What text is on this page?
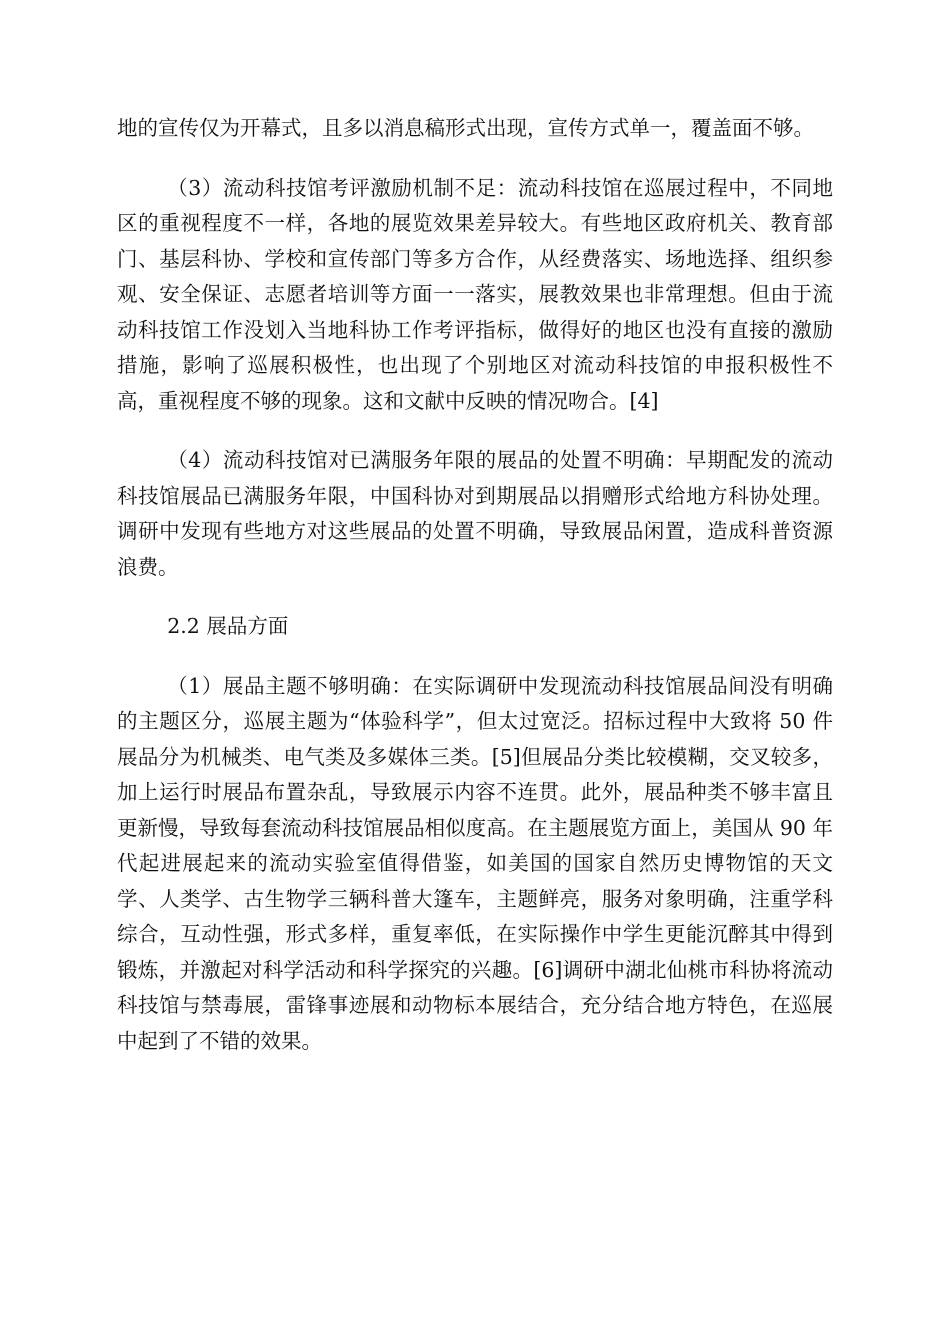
地的宣传仅为开幕式，且多以消息稿形式出现，宣传方式单一，覆盖面不够。

（3）流动科技馆考评激励机制不足：流动科技馆在巡展过程中，不同地区的重视程度不一样，各地的展览效果差异较大。有些地区政府机关、教育部门、基层科协、学校和宣传部门等多方合作，从经费落实、场地选择、组织参观、安全保证、志愿者培训等方面一一落实，展教效果也非常理想。但由于流动科技馆工作没划入当地科协工作考评指标，做得好的地区也没有直接的激励措施，影响了巡展积极性，也出现了个别地区对流动科技馆的申报积极性不高，重视程度不够的现象。这和文献中反映的情况吻合。[4]

（4）流动科技馆对已满服务年限的展品的处置不明确：早期配发的流动科技馆展品已满服务年限，中国科协对到期展品以捐赠形式给地方科协处理。调研中发现有些地方对这些展品的处置不明确，导致展品闲置，造成科普资源浪费。

2.2 展品方面

（1）展品主题不够明确：在实际调研中发现流动科技馆展品间没有明确的主题区分，巡展主题为“体验科学”，但太过宽泛。招标过程中大致将 50 件展品分为机械类、电气类及多媒体三类。[5]但展品分类比较模糊，交叉较多，加上运行时展品布置杂乱，导致展示内容不连贯。此外，展品种类不够丰富且更新慢，导致每套流动科技馆展品相似度高。在主题展览方面上，美国从 90 年代起进展起来的流动实验室值得借鉴，如美国的国家自然历史博物馆的天文学、人类学、古生物学三辆科普大篷车，主题鲜亮，服务对象明确，注重学科综合，互动性强，形式多样，重复率低，在实际操作中学生更能沉醉其中得到锻炼，并激起对科学活动和科学探究的兴趣。[6]调研中湖北仙桃市科协将流动科技馆与禁毒展，雷锋事迹展和动物标本展结合，充分结合地方特色，在巡展中起到了不错的效果。
